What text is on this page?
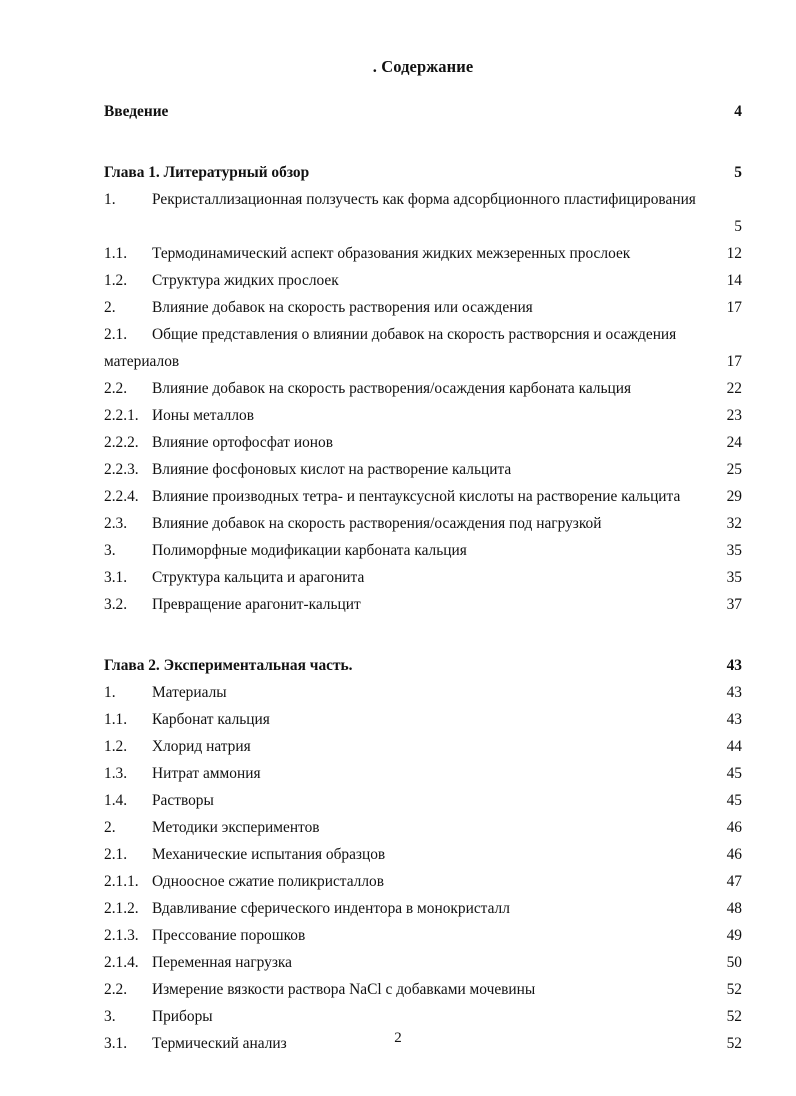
. Содержание
Введение	4
Глава 1. Литературный обзор	5
1.	Рекристаллизационная ползучесть как форма адсорбционного пластифицирования
5
1.1.	Термодинамический аспект образования жидких межзеренных прослоек	12
1.2.	Структура жидких прослоек	14
2.	Влияние добавок на скорость растворения или осаждения	17
2.1.	Общие представления о влиянии добавок на скорость растворсния и осаждения
материалов	17
2.2.	Влияние добавок на скорость растворения/осаждения карбоната кальция	22
2.2.1. Ионы металлов	23
2.2.2. Влияние ортофосфат ионов	24
2.2.3. Влияние фосфоновых кислот на растворение кальцита	25
2.2.4. Влияние производных тетра- и пентауксусной кислоты на растворение кальцита	29
2.3.	Влияние добавок на скорость растворения/осаждения под нагрузкой	32
3.	Полиморфные модификации карбоната кальция	35
3.1.	Структура кальцита и арагонита	35
3.2.	Превращение арагонит-кальцит	37
Глава 2. Экспериментальная часть.	43
1.	Материалы	43
1.1.	Карбонат кальция	43
1.2.	Хлорид натрия	44
1.3.	Нитрат аммония	45
1.4.	Растворы	45
2.	Методики экспериментов	46
2.1.	Механические испытания образцов	46
2.1.1. Одноосное сжатие поликристаллов	47
2.1.2. Вдавливание сферического индентора в монокристалл	48
2.1.3. Прессование порошков	49
2.1.4. Переменная нагрузка	50
2.2.	Измерение вязкости раствора NaCl с добавками мочевины	52
3.	Приборы	52
3.1.	Термический анализ	52
2
